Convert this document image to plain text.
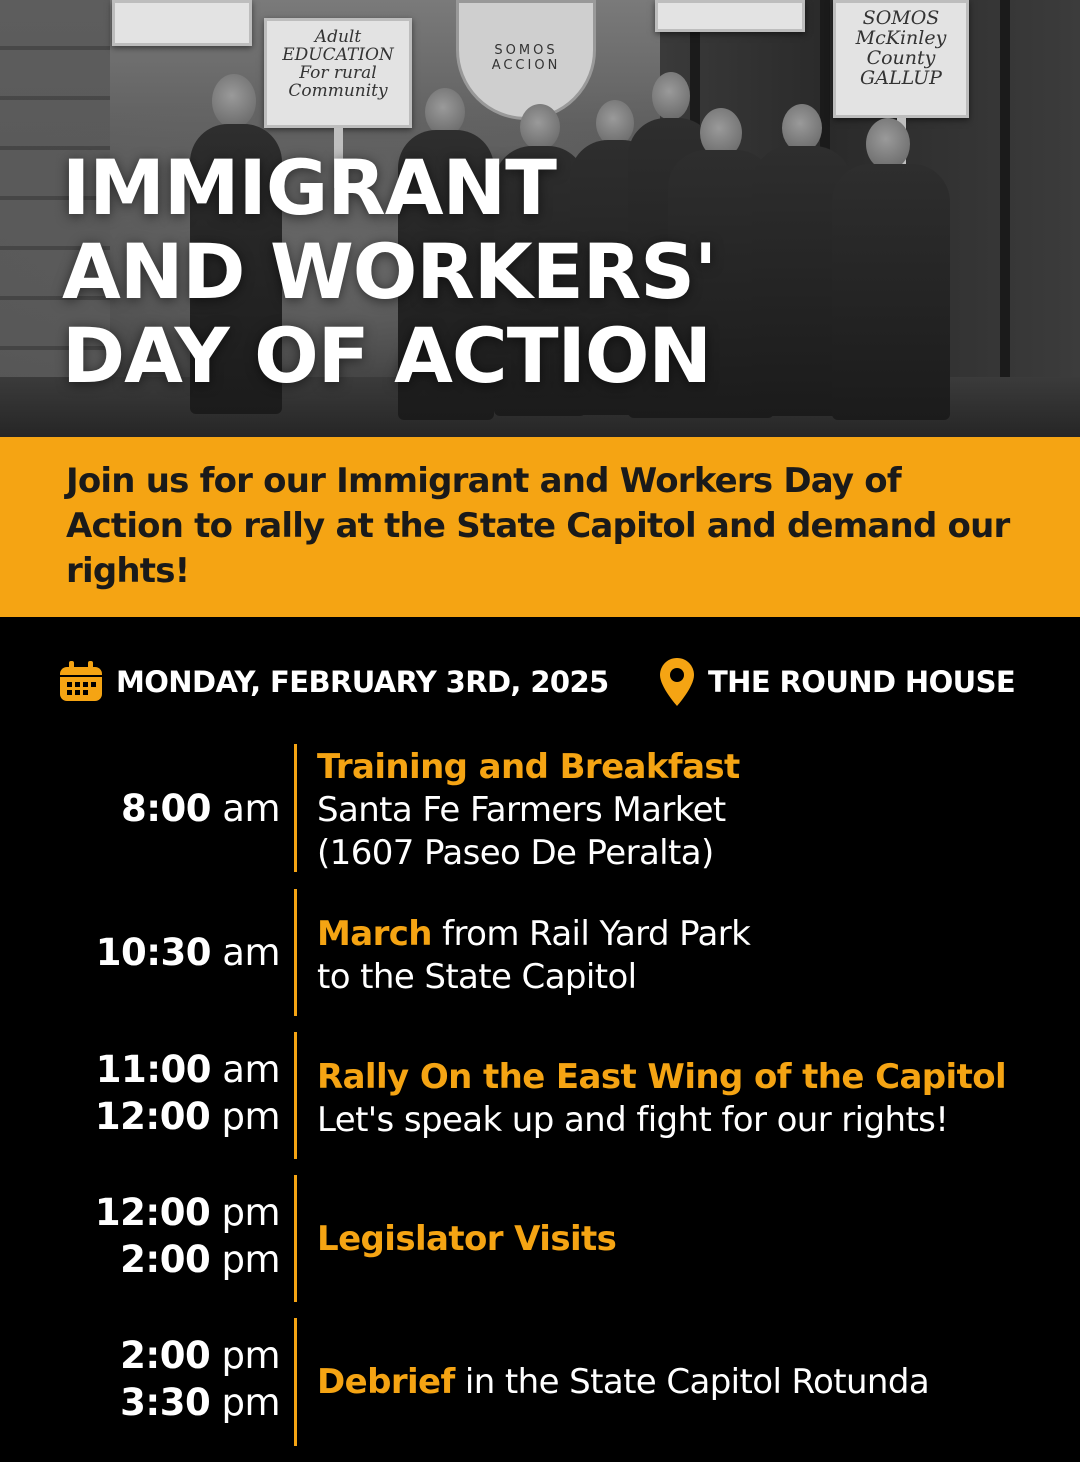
SOMOS ACCION
Adult EDUCATION For rural Community
SOMOS McKinley County GALLUP
IMMIGRANT
AND WORKERS'
DAY OF ACTION

Join us for our Immigrant and Workers Day of Action to rally at the State Capitol and demand our rights!

MONDAY, FEBRUARY 3RD, 2025	THE ROUND HOUSE
8:00 am
Training and Breakfast
Santa Fe Farmers Market
(1607 Paseo De Peralta)
10:30 am March from Rail Yard Park
to the State Capitol
11:00 am
12:00 pm
Rally On the East Wing of the Capitol
Let's speak up and fight for our rights!
12:00 pm
2:00 pm Legislator Visits
2:00 pm
3:30 pm Debrief in the State Capitol Rotunda
